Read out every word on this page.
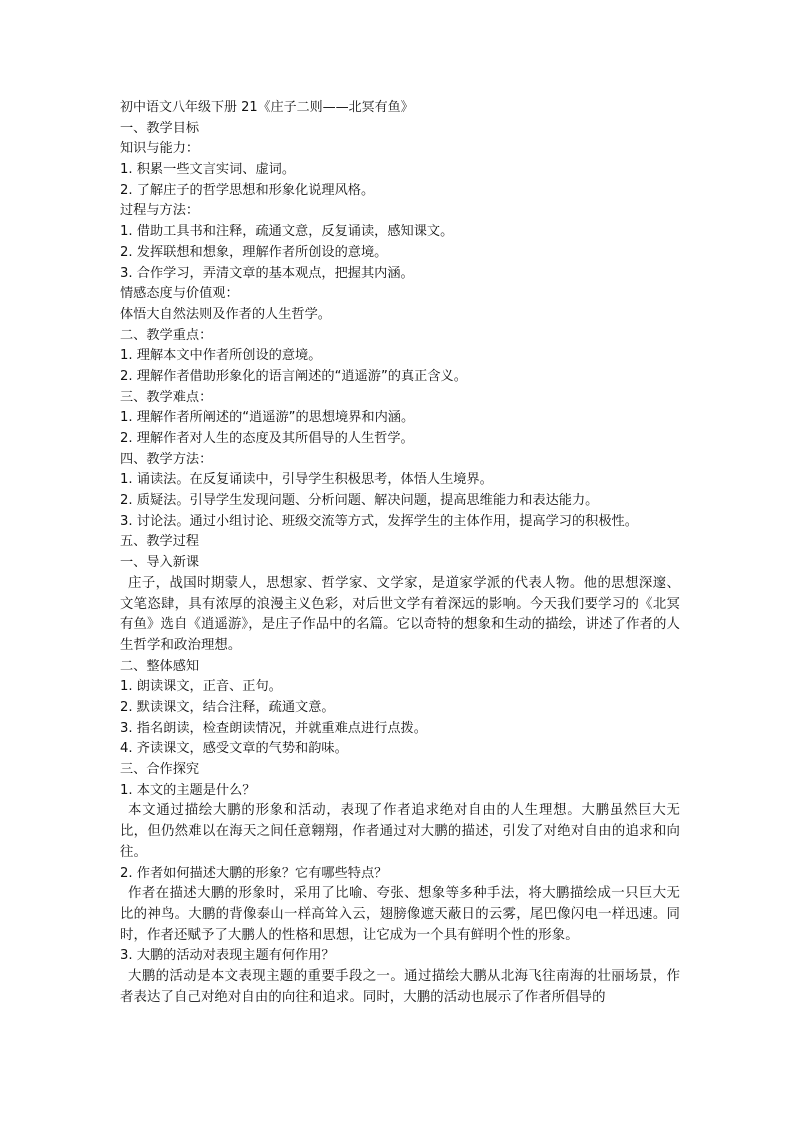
初中语文八年级下册 21《庄子二则——北冥有鱼》
一、教学目标
知识与能力：
1. 积累一些文言实词、虚词。
2. 了解庄子的哲学思想和形象化说理风格。
过程与方法：
1. 借助工具书和注释，疏通文意，反复诵读，感知课文。
2. 发挥联想和想象，理解作者所创设的意境。
3. 合作学习，弄清文章的基本观点，把握其内涵。
情感态度与价值观：
体悟大自然法则及作者的人生哲学。
二、教学重点：
1. 理解本文中作者所创设的意境。
2. 理解作者借助形象化的语言阐述的“逍遥游”的真正含义。
三、教学难点：
1. 理解作者所阐述的“逍遥游”的思想境界和内涵。
2. 理解作者对人生的态度及其所倡导的人生哲学。
四、教学方法：
1. 诵读法。在反复诵读中，引导学生积极思考，体悟人生境界。
2. 质疑法。引导学生发现问题、分析问题、解决问题，提高思维能力和表达能力。
3. 讨论法。通过小组讨论、班级交流等方式，发挥学生的主体作用，提高学习的积极性。
五、教学过程
一、导入新课
庄子，战国时期蒙人，思想家、哲学家、文学家，是道家学派的代表人物。他的思想深邃、文笔恣肆，具有浓厚的浪漫主义色彩，对后世文学有着深远的影响。今天我们要学习的《北冥有鱼》选自《逍遥游》，是庄子作品中的名篇。它以奇特的想象和生动的描绘，讲述了作者的人生哲学和政治理想。
二、整体感知
1. 朗读课文，正音、正句。
2. 默读课文，结合注释，疏通文意。
3. 指名朗读，检查朗读情况，并就重难点进行点拨。
4. 齐读课文，感受文章的气势和韵味。
三、合作探究
1. 本文的主题是什么？
本文通过描绘大鹏的形象和活动，表现了作者追求绝对自由的人生理想。大鹏虽然巨大无比，但仍然难以在海天之间任意翱翔，作者通过对大鹏的描述，引发了对绝对自由的追求和向往。
2. 作者如何描述大鹏的形象？它有哪些特点？
作者在描述大鹏的形象时，采用了比喻、夸张、想象等多种手法，将大鹏描绘成一只巨大无比的神鸟。大鹏的背像泰山一样高耸入云，翅膀像遮天蔽日的云雾，尾巴像闪电一样迅速。同时，作者还赋予了大鹏人的性格和思想，让它成为一个具有鲜明个性的形象。
3. 大鹏的活动对表现主题有何作用？
大鹏的活动是本文表现主题的重要手段之一。通过描绘大鹏从北海飞往南海的壮丽场景，作者表达了自己对绝对自由的向往和追求。同时，大鹏的活动也展示了作者所倡导的
